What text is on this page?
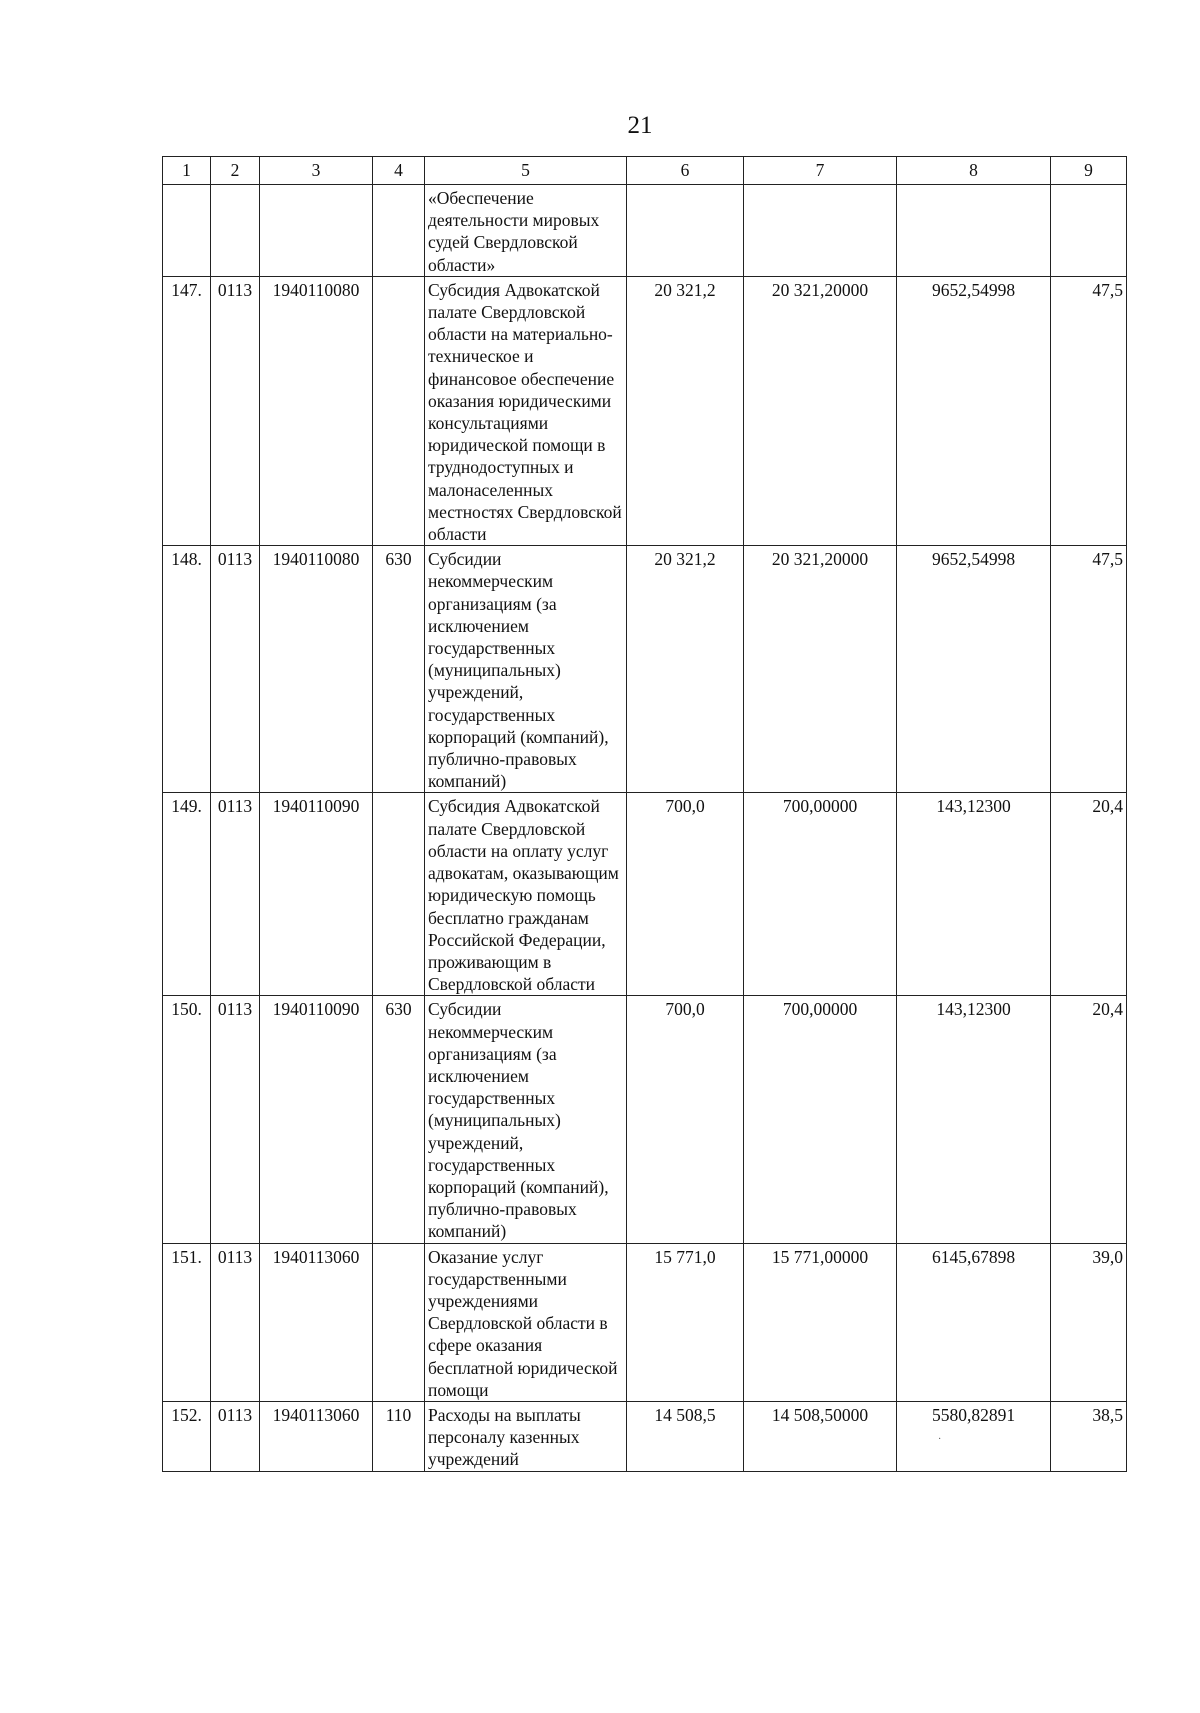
21
1	2	3	4	5	6	7	8	9
				«Обеспечение деятельности мировых судей Свердловской области»				
147.	0113	1940110080		Субсидия Адвокатской палате Свердловской области на материально-техническое и финансовое обеспечение оказания юридическими консультациями юридической помощи в труднодоступных и малонаселенных местностях Свердловской области	20 321,2	20 321,20000	9652,54998	47,5
148.	0113	1940110080	630	Субсидии некоммерческим организациям (за исключением государственных (муниципальных) учреждений, государственных корпораций (компаний), публично-правовых компаний)	20 321,2	20 321,20000	9652,54998	47,5
149.	0113	1940110090		Субсидия Адвокатской палате Свердловской области на оплату услуг адвокатам, оказывающим юридическую помощь бесплатно гражданам Российской Федерации, проживающим в Свердловской области	700,0	700,00000	143,12300	20,4
150.	0113	1940110090	630	Субсидии некоммерческим организациям (за исключением государственных (муниципальных) учреждений, государственных корпораций (компаний), публично-правовых компаний)	700,0	700,00000	143,12300	20,4
151.	0113	1940113060		Оказание услуг государственными учреждениями Свердловской области в сфере оказания бесплатной юридической помощи	15 771,0	15 771,00000	6145,67898	39,0
152.	0113	1940113060	110	Расходы на выплаты персоналу казенных учреждений	14 508,5	14 508,50000	5580,82891	38,5
·
